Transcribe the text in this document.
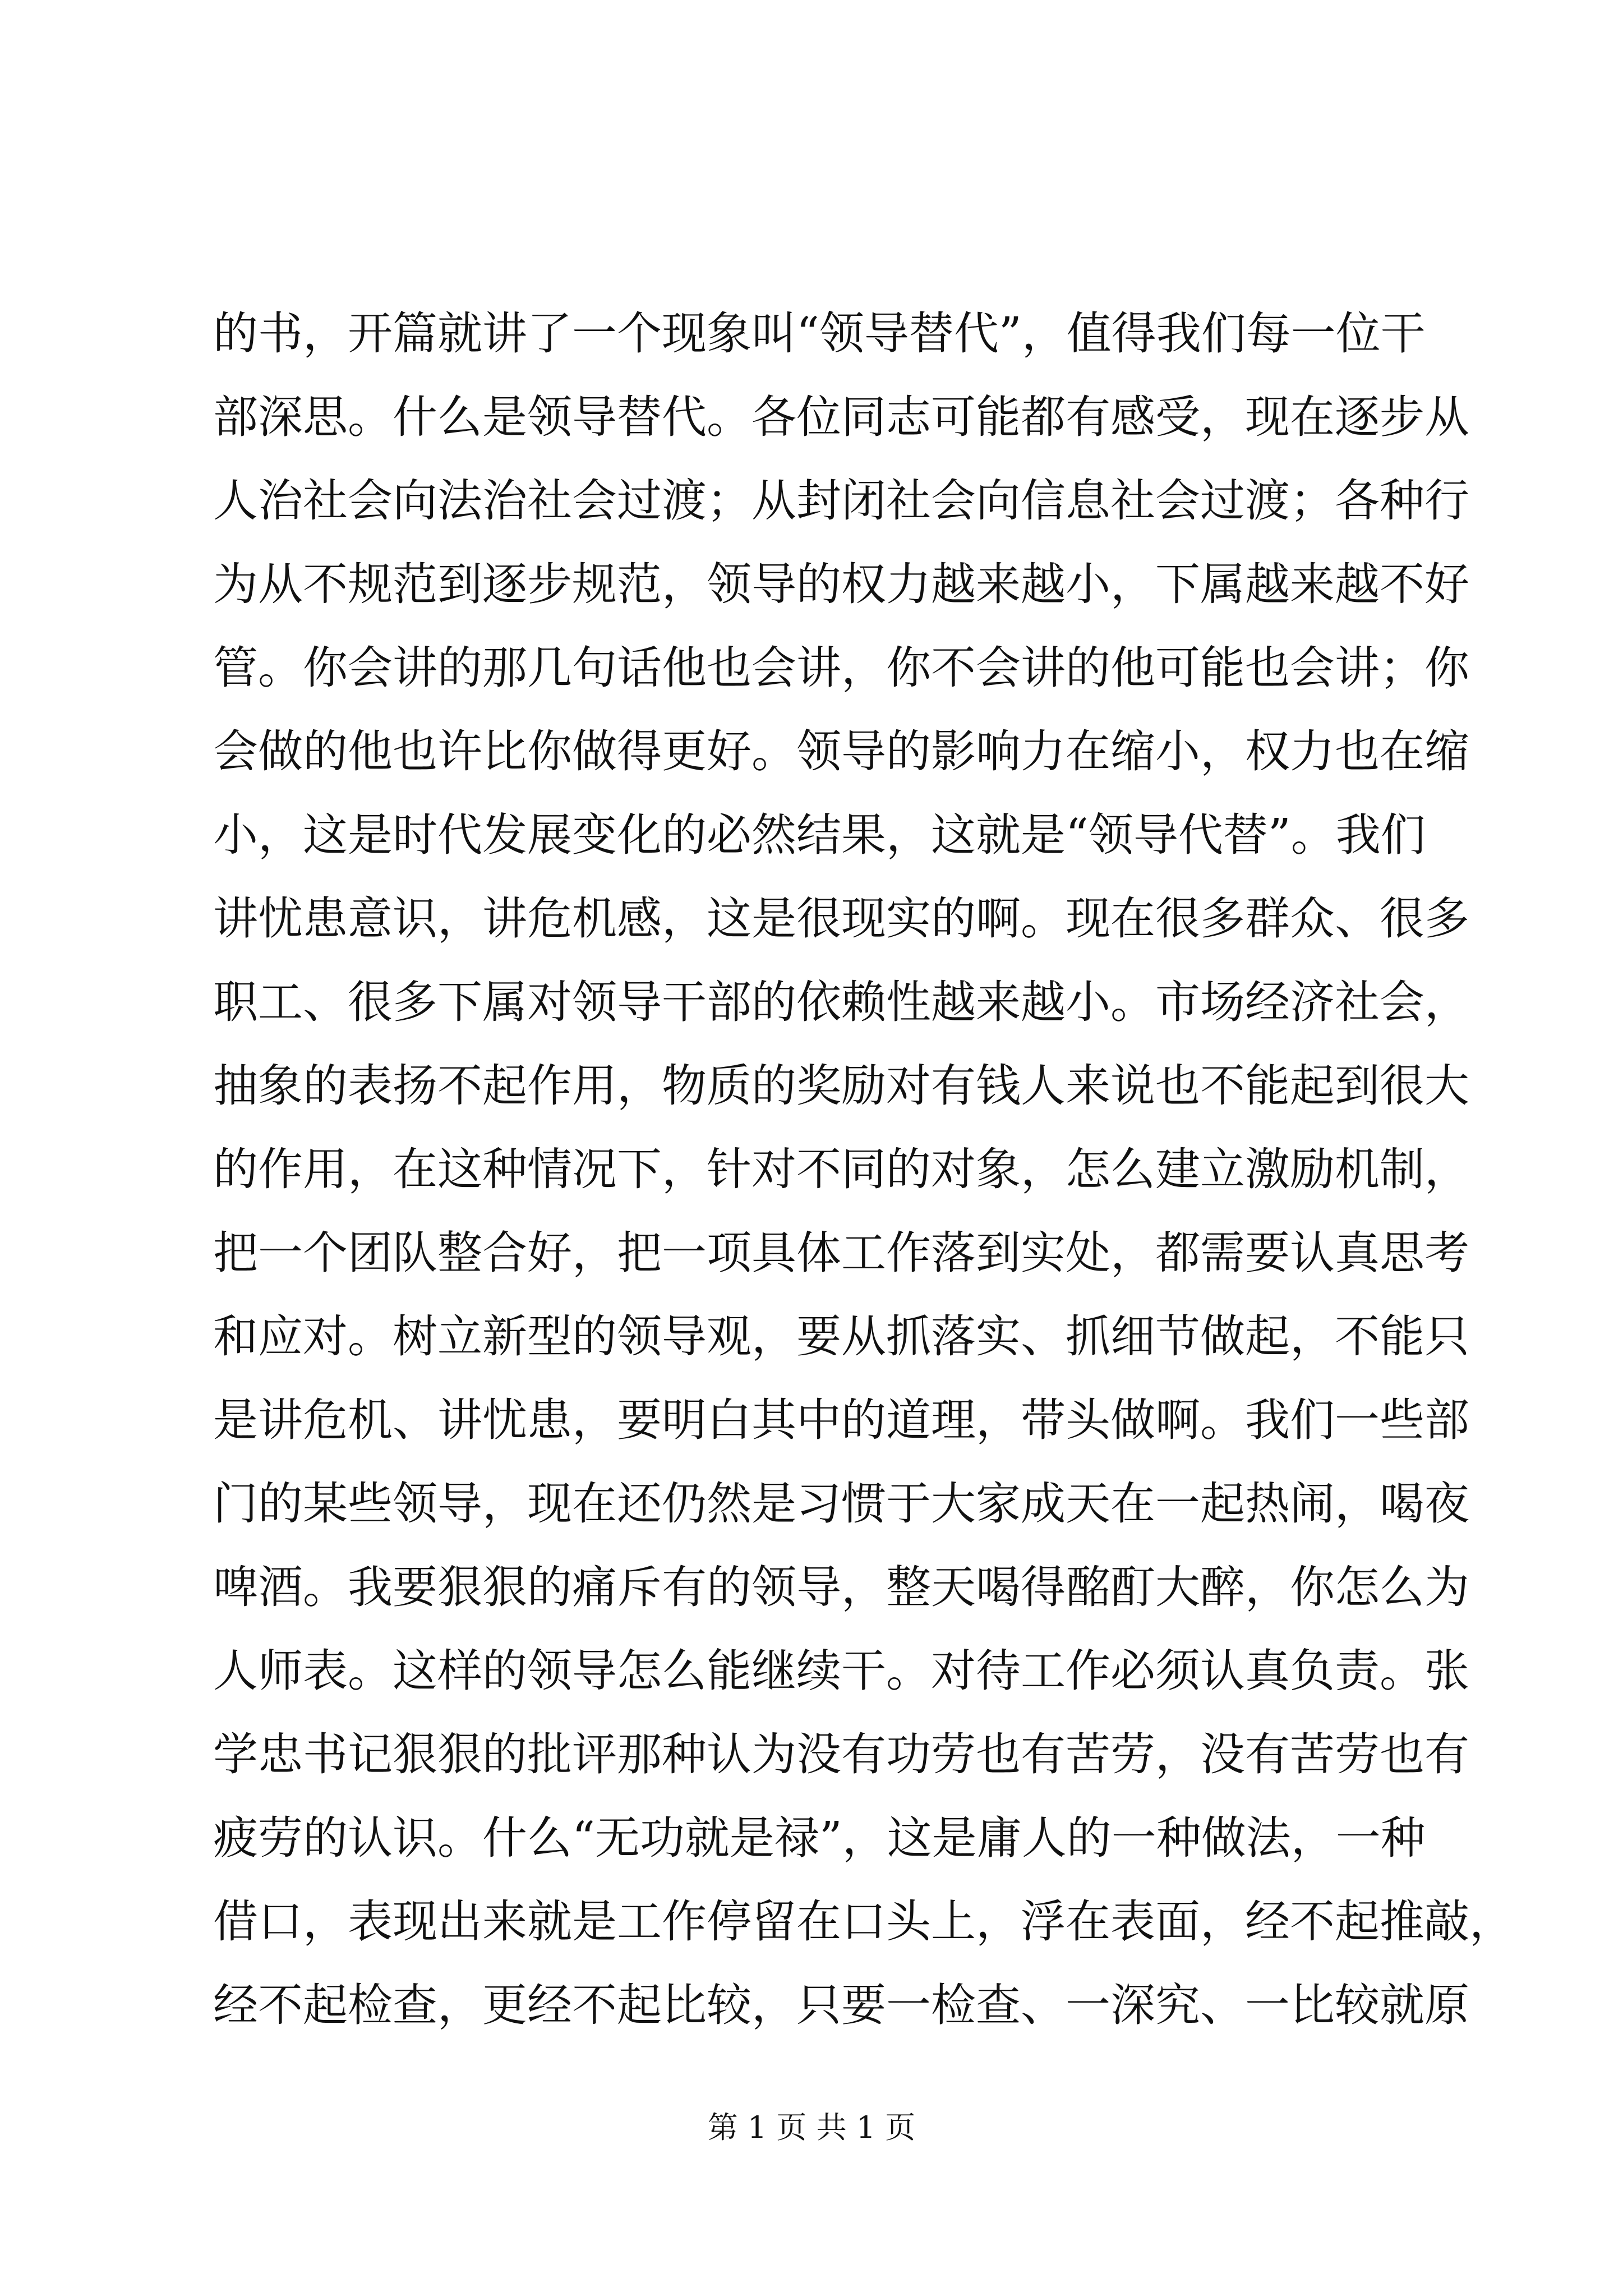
的书，开篇就讲了一个现象叫“领导替代”，值得我们每一位干
部深思。什么是领导替代。各位同志可能都有感受，现在逐步从
人治社会向法治社会过渡；从封闭社会向信息社会过渡；各种行
为从不规范到逐步规范，领导的权力越来越小，下属越来越不好
管。你会讲的那几句话他也会讲，你不会讲的他可能也会讲；你
会做的他也许比你做得更好。领导的影响力在缩小，权力也在缩
小，这是时代发展变化的必然结果，这就是“领导代替”。我们
讲忧患意识，讲危机感，这是很现实的啊。现在很多群众、很多
职工、很多下属对领导干部的依赖性越来越小。市场经济社会，
抽象的表扬不起作用，物质的奖励对有钱人来说也不能起到很大
的作用，在这种情况下，针对不同的对象，怎么建立激励机制，
把一个团队整合好，把一项具体工作落到实处，都需要认真思考
和应对。树立新型的领导观，要从抓落实、抓细节做起，不能只
是讲危机、讲忧患，要明白其中的道理，带头做啊。我们一些部
门的某些领导，现在还仍然是习惯于大家成天在一起热闹，喝夜
啤酒。我要狠狠的痛斥有的领导，整天喝得酩酊大醉，你怎么为
人师表。这样的领导怎么能继续干。对待工作必须认真负责。张
学忠书记狠狠的批评那种认为没有功劳也有苦劳，没有苦劳也有
疲劳的认识。什么“无功就是禄”，这是庸人的一种做法，一种
借口，表现出来就是工作停留在口头上，浮在表面，经不起推敲，
经不起检查，更经不起比较，只要一检查、一深究、一比较就原
第 1 页 共 1 页
